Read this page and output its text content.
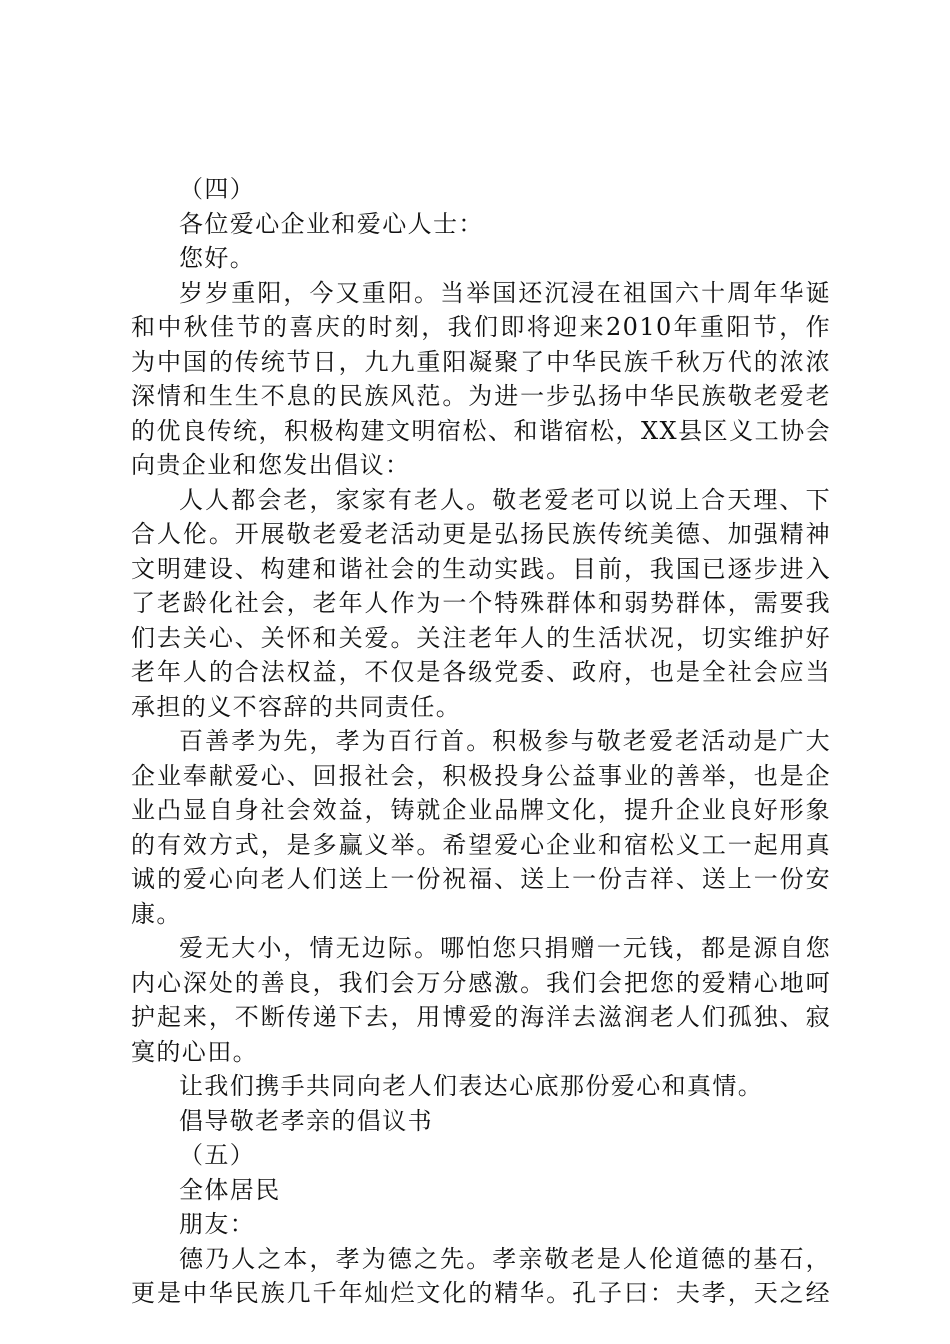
（四）

各位爱心企业和爱心人士：

您好。

岁岁重阳，今又重阳。当举国还沉浸在祖国六十周年华诞和中秋佳节的喜庆的时刻，我们即将迎来2010年重阳节，作为中国的传统节日，九九重阳凝聚了中华民族千秋万代的浓浓深情和生生不息的民族风范。为进一步弘扬中华民族敬老爱老的优良传统，积极构建文明宿松、和谐宿松，XX县区义工协会向贵企业和您发出倡议：

人人都会老，家家有老人。敬老爱老可以说上合天理、下合人伦。开展敬老爱老活动更是弘扬民族传统美德、加强精神文明建设、构建和谐社会的生动实践。目前，我国已逐步进入了老龄化社会，老年人作为一个特殊群体和弱势群体，需要我们去关心、关怀和关爱。关注老年人的生活状况，切实维护好老年人的合法权益，不仅是各级党委、政府，也是全社会应当承担的义不容辞的共同责任。

百善孝为先，孝为百行首。积极参与敬老爱老活动是广大企业奉献爱心、回报社会，积极投身公益事业的善举，也是企业凸显自身社会效益，铸就企业品牌文化，提升企业良好形象的有效方式，是多赢义举。希望爱心企业和宿松义工一起用真诚的爱心向老人们送上一份祝福、送上一份吉祥、送上一份安康。

爱无大小，情无边际。哪怕您只捐赠一元钱，都是源自您内心深处的善良，我们会万分感激。我们会把您的爱精心地呵护起来，不断传递下去，用博爱的海洋去滋润老人们孤独、寂寞的心田。

让我们携手共同向老人们表达心底那份爱心和真情。

倡导敬老孝亲的倡议书

（五）

全体居民

朋友：

德乃人之本，孝为德之先。孝亲敬老是人伦道德的基石，更是中华民族几千年灿烂文化的精华。孔子曰：夫孝，天之经
